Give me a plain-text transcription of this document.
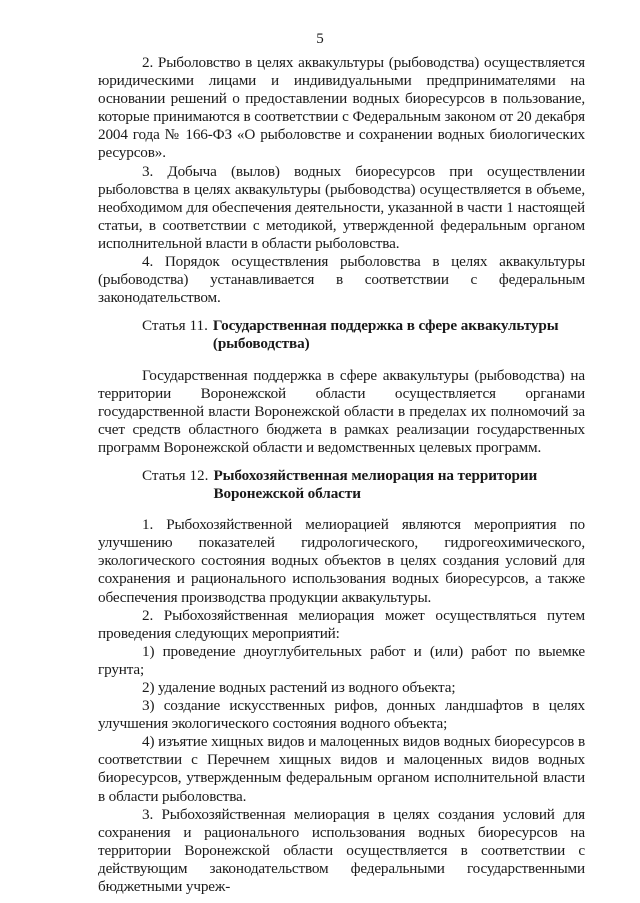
5

2. Рыболовство в целях аквакультуры (рыбоводства) осуществляется юридическими лицами и индивидуальными предпринимателями на основании решений о предоставлении водных биоресурсов в пользование, которые принимаются в соответствии с Федеральным законом от 20 декабря 2004 года № 166-ФЗ «О рыболовстве и сохранении водных биологических ресурсов».

3. Добыча (вылов) водных биоресурсов при осуществлении рыболовства в целях аквакультуры (рыбоводства) осуществляется в объеме, необходимом для обеспечения деятельности, указанной в части 1 настоящей статьи, в соответствии с методикой, утвержденной федеральным органом исполнительной власти в области рыболовства.

4. Порядок осуществления рыболовства в целях аквакультуры (рыбоводства) устанавливается в соответствии с федеральным законодательством.

Статья 11. Государственная поддержка в сфере аквакультуры (рыбоводства)

Государственная поддержка в сфере аквакультуры (рыбоводства) на территории Воронежской области осуществляется органами государственной власти Воронежской области в пределах их полномочий за счет средств областного бюджета в рамках реализации государственных программ Воронежской области и ведомственных целевых программ.

Статья 12. Рыбохозяйственная мелиорация на территории Воронежской области

1. Рыбохозяйственной мелиорацией являются мероприятия по улучшению показателей гидрологического, гидрогеохимического, экологического состояния водных объектов в целях создания условий для сохранения и рационального использования водных биоресурсов, а также обеспечения производства продукции аквакультуры.

2. Рыбохозяйственная мелиорация может осуществляться путем проведения следующих мероприятий:

1) проведение дноуглубительных работ и (или) работ по выемке грунта;

2) удаление водных растений из водного объекта;

3) создание искусственных рифов, донных ландшафтов в целях улучшения экологического состояния водного объекта;

4) изъятие хищных видов и малоценных видов водных биоресурсов в соответствии с Перечнем хищных видов и малоценных видов водных биоресурсов, утвержденным федеральным органом исполнительной власти в области рыболовства.

3. Рыбохозяйственная мелиорация в целях создания условий для сохранения и рационального использования водных биоресурсов на территории Воронежской области осуществляется в соответствии с действующим законодательством федеральными государственными бюджетными учреж-
